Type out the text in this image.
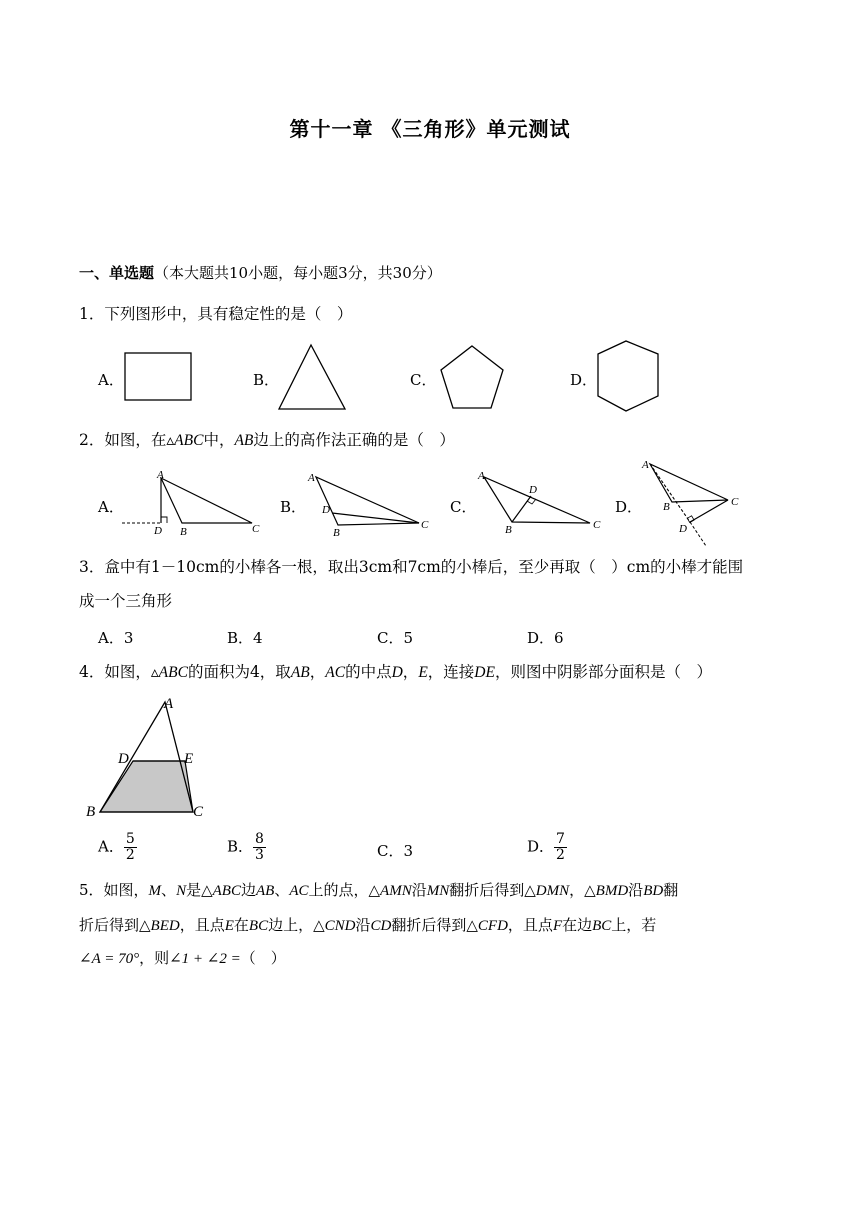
第十一章 《三角形》单元测试
一、单选题（本大题共10小题，每小题3分，共30分）
1．下列图形中，具有稳定性的是（　）
A．	B．	C．	D．
2．如图，在▵ABC中，AB边上的高作法正确的是（　）
A．
A
D B	C
B．
A
D
B
C
C．
A
D
B	C
D．
A
B	C
D
3．盒中有1－10cm的小棒各一根，取出3cm和7cm的小棒后，至少再取（　）cm的小棒才能围
成一个三角形
A．3	B．4	C．5	D．6
4．如图，▵ABC的面积为4，取AB，AC的中点D，E，连接DE，则图中阴影部分面积是（　）
A
D	E
B	C
A． $\frac{5}{2}$	B． $\frac{8}{3}$	C．3	D． $\frac{7}{2}$
5．如图，M、N是△ABC边AB、AC上的点，△AMN沿MN翻折后得到△DMN，△BMD沿BD翻
折后得到△BED，且点E在BC边上，△CND沿CD翻折后得到△CFD，且点F在边BC上，若
∠A = 70°，则∠1 + ∠2 =（　）
